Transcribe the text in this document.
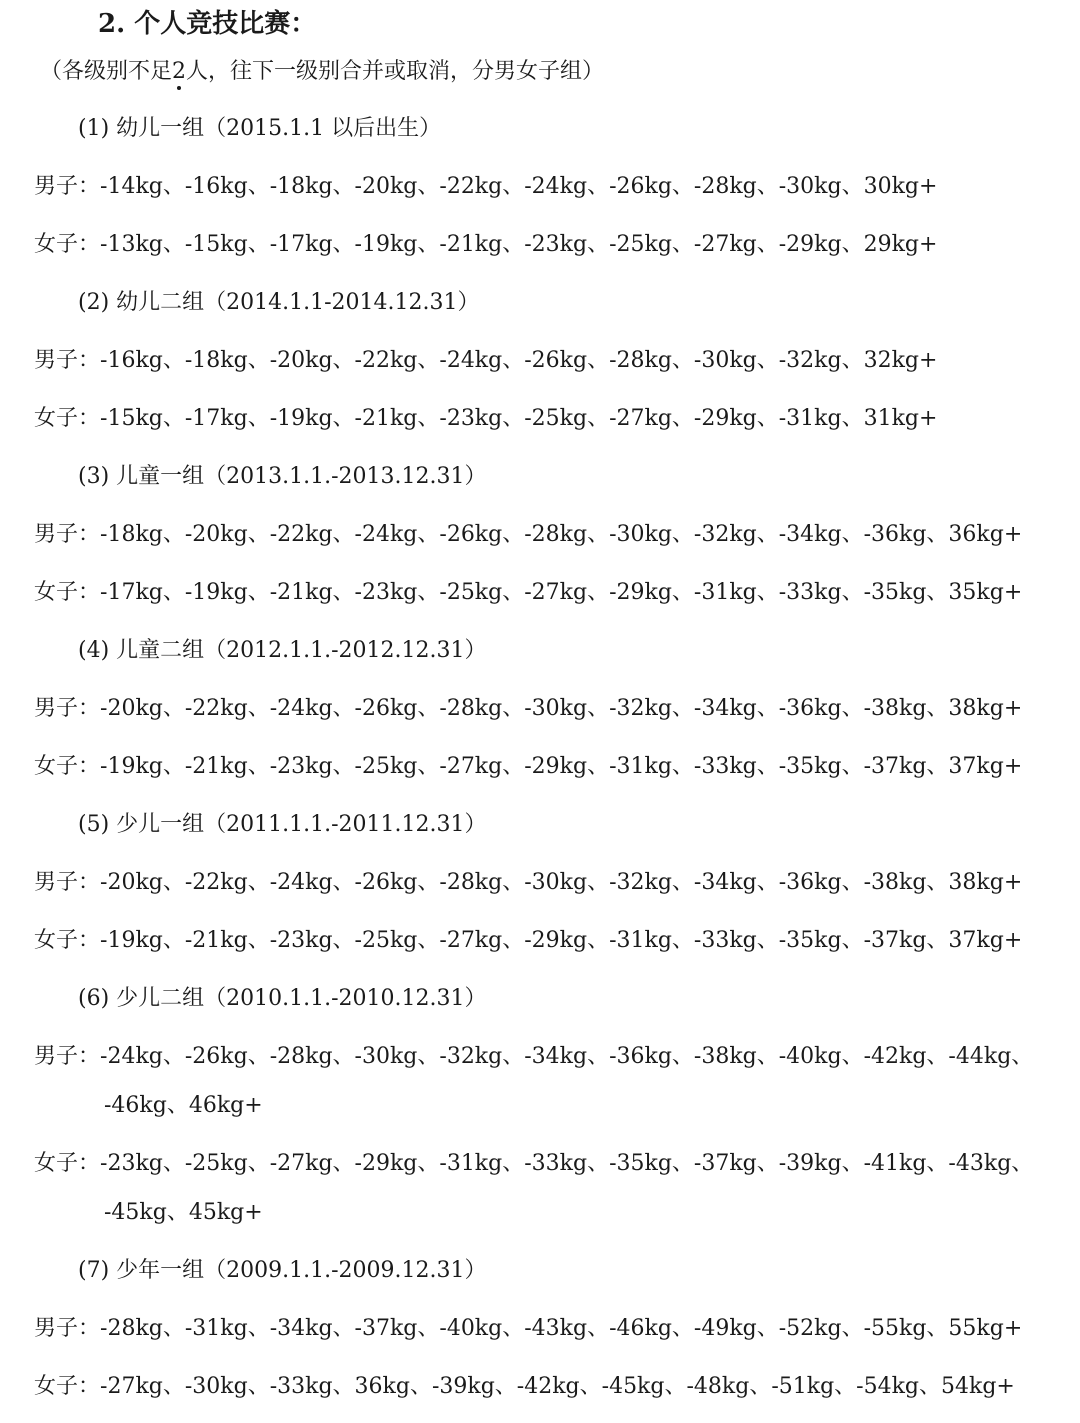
2. 个人竞技比赛：
（各级别不足2人，往下一级别合并或取消，分男女子组）
(1) 幼儿一组（2015.1.1 以后出生）
男子：-14kg、-16kg、-18kg、-20kg、-22kg、-24kg、-26kg、-28kg、-30kg、30kg+
女子：-13kg、-15kg、-17kg、-19kg、-21kg、-23kg、-25kg、-27kg、-29kg、29kg+
(2) 幼儿二组（2014.1.1-2014.12.31）
男子：-16kg、-18kg、-20kg、-22kg、-24kg、-26kg、-28kg、-30kg、-32kg、32kg+
女子：-15kg、-17kg、-19kg、-21kg、-23kg、-25kg、-27kg、-29kg、-31kg、31kg+
(3) 儿童一组（2013.1.1.-2013.12.31）
男子：-18kg、-20kg、-22kg、-24kg、-26kg、-28kg、-30kg、-32kg、-34kg、-36kg、36kg+
女子：-17kg、-19kg、-21kg、-23kg、-25kg、-27kg、-29kg、-31kg、-33kg、-35kg、35kg+
(4) 儿童二组（2012.1.1.-2012.12.31）
男子：-20kg、-22kg、-24kg、-26kg、-28kg、-30kg、-32kg、-34kg、-36kg、-38kg、38kg+
女子：-19kg、-21kg、-23kg、-25kg、-27kg、-29kg、-31kg、-33kg、-35kg、-37kg、37kg+
(5) 少儿一组（2011.1.1.-2011.12.31）
男子：-20kg、-22kg、-24kg、-26kg、-28kg、-30kg、-32kg、-34kg、-36kg、-38kg、38kg+
女子：-19kg、-21kg、-23kg、-25kg、-27kg、-29kg、-31kg、-33kg、-35kg、-37kg、37kg+
(6) 少儿二组（2010.1.1.-2010.12.31）
男子：-24kg、-26kg、-28kg、-30kg、-32kg、-34kg、-36kg、-38kg、-40kg、-42kg、-44kg、
-46kg、46kg+
女子：-23kg、-25kg、-27kg、-29kg、-31kg、-33kg、-35kg、-37kg、-39kg、-41kg、-43kg、
-45kg、45kg+
(7) 少年一组（2009.1.1.-2009.12.31）
男子：-28kg、-31kg、-34kg、-37kg、-40kg、-43kg、-46kg、-49kg、-52kg、-55kg、55kg+
女子：-27kg、-30kg、-33kg、36kg、-39kg、-42kg、-45kg、-48kg、-51kg、-54kg、54kg+
